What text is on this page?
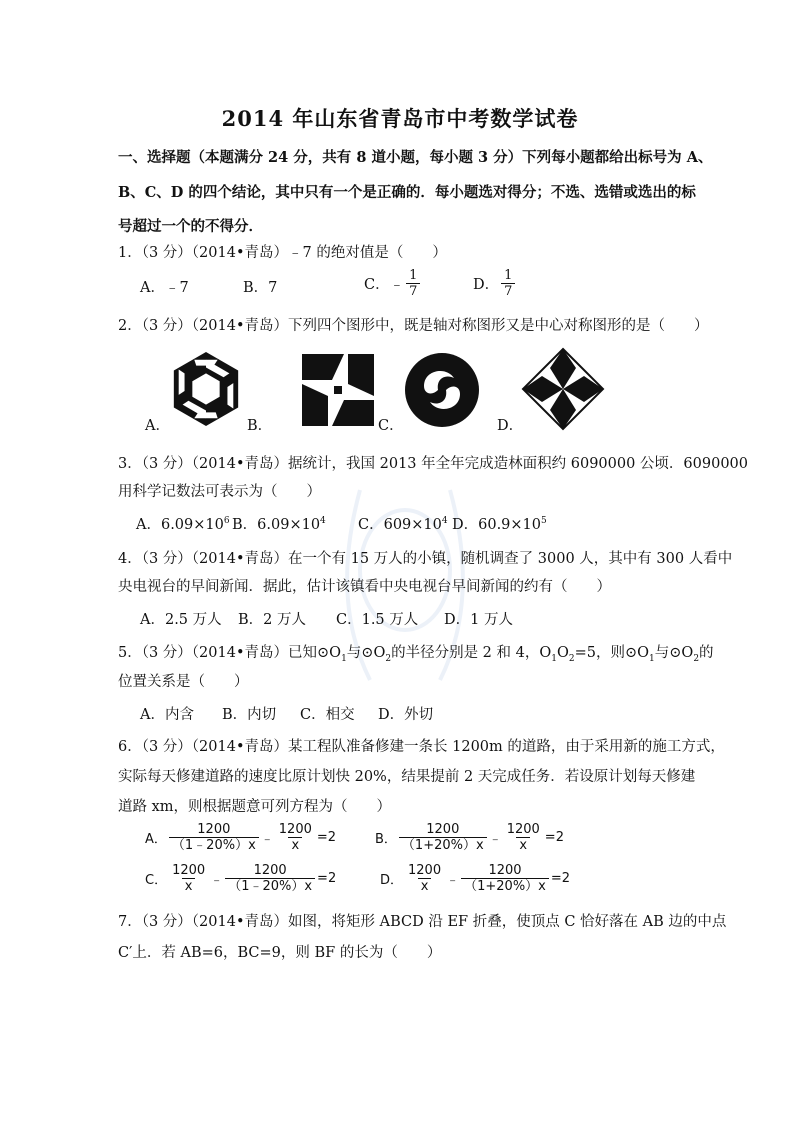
2014 年山东省青岛市中考数学试卷
一、选择题（本题满分 24 分，共有 8 道小题，每小题 3 分）下列每小题都给出标号为 A、
B、C、D 的四个结论，其中只有一个是正确的．每小题选对得分；不选、选错或选出的标
号超过一个的不得分．
1．（3 分）（2014•青岛）﹣7 的绝对值是（　　）
A．﹣7	B．7	C．﹣ $\frac{1}{7}$	D． $\frac{1}{7}$
2．（3 分）（2014•青岛）下列四个图形中，既是轴对称图形又是中心对称图形的是（　　）
A．	B．	C．	D．
3．（3 分）（2014•青岛）据统计，我国 2013 年全年完成造林面积约 6090000 公顷．6090000
用科学记数法可表示为（　　）
A．$6.09\times 10^6$ B．$6.09\times 10^4$ C．$609\times 10^4$ D．$60.9\times 10^5$
4．（3 分）（2014•青岛）在一个有 15 万人的小镇，随机调查了 3000 人，其中有 300 人看中
央电视台的早间新闻．据此，估计该镇看中央电视台早间新闻的约有（　　）
A．2.5 万人 B．2 万人 C．1.5 万人 D．1 万人
5．（3 分）（2014•青岛）已知$⊙O_1$与$⊙O_2$的半径分别是 2 和 4，$O_1O_2=5$，则$⊙O_1$与$⊙O_2$的
位置关系是（　　）
A．内含 B．内切 C．相交 D．外切
6．（3 分）（2014•青岛）某工程队准备修建一条长 1200m 的道路，由于采用新的施工方式，
实际每天修建道路的速度比原计划快 20%，结果提前 2 天完成任务．若设原计划每天修建
道路 xm，则根据题意可列方程为（　　）
A． $\frac{1200}{(1﹣20\%)x}$ ﹣ $\frac{1200}{x} =2$	B． $\frac{1200}{(1+20\%)x}$ ﹣ $\frac{1200}{x} =2$
C． $\frac{1200}{x}$ ﹣ $\frac{1200}{(1﹣20\%)x} =2$	D． $\frac{1200}{x}$ ﹣ $\frac{1200}{(1+20\%)x} =2$
7．（3 分）（2014•青岛）如图，将矩形 ABCD 沿 EF 折叠，使顶点 C 恰好落在 AB 边的中点
C′上．若 AB=6，BC=9，则 BF 的长为（　　）
